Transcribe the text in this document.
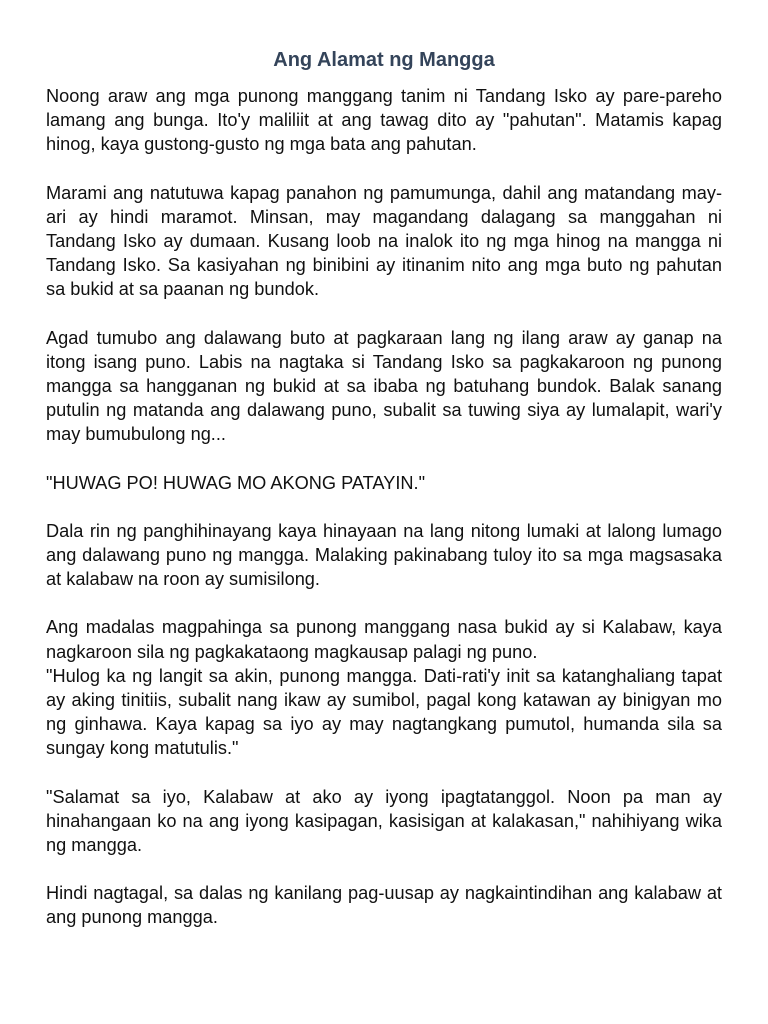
Ang Alamat ng Mangga

Noong araw ang mga punong manggang tanim ni Tandang Isko ay pare-pareho lamang ang bunga. Ito'y maliliit at ang tawag dito ay "pahutan". Matamis kapag hinog, kaya gustong-gusto ng mga bata ang pahutan.

Marami ang natutuwa kapag panahon ng pamumunga, dahil ang matandang may-ari ay hindi maramot. Minsan, may magandang dalagang sa manggahan ni Tandang Isko ay dumaan. Kusang loob na inalok ito ng mga hinog na mangga ni Tandang Isko. Sa kasiyahan ng binibini ay itinanim nito ang mga buto ng pahutan sa bukid at sa paanan ng bundok.

Agad tumubo ang dalawang buto at pagkaraan lang ng ilang araw ay ganap na itong isang puno. Labis na nagtaka si Tandang Isko sa pagkakaroon ng punong mangga sa hangganan ng bukid at sa ibaba ng batuhang bundok. Balak sanang putulin ng matanda ang dalawang puno, subalit sa tuwing siya ay lumalapit, wari'y may bumubulong ng...

"HUWAG PO! HUWAG MO AKONG PATAYIN."

Dala rin ng panghihinayang kaya hinayaan na lang nitong lumaki at lalong lumago ang dalawang puno ng mangga. Malaking pakinabang tuloy ito sa mga magsasaka at kalabaw na roon ay sumisilong.

Ang madalas magpahinga sa punong manggang nasa bukid ay si Kalabaw, kaya nagkaroon sila ng pagkakataong magkausap palagi ng puno.

"Hulog ka ng langit sa akin, punong mangga. Dati-rati'y init sa katanghaliang tapat ay aking tinitiis, subalit nang ikaw ay sumibol, pagal kong katawan ay binigyan mo ng ginhawa. Kaya kapag sa iyo ay may nagtangkang pumutol, humanda sila sa sungay kong matutulis."

"Salamat sa iyo, Kalabaw at ako ay iyong ipagtatanggol. Noon pa man ay hinahangaan ko na ang iyong kasipagan, kasisigan at kalakasan," nahihiyang wika ng mangga.

Hindi nagtagal, sa dalas ng kanilang pag-uusap ay nagkaintindihan ang kalabaw at ang punong mangga.
